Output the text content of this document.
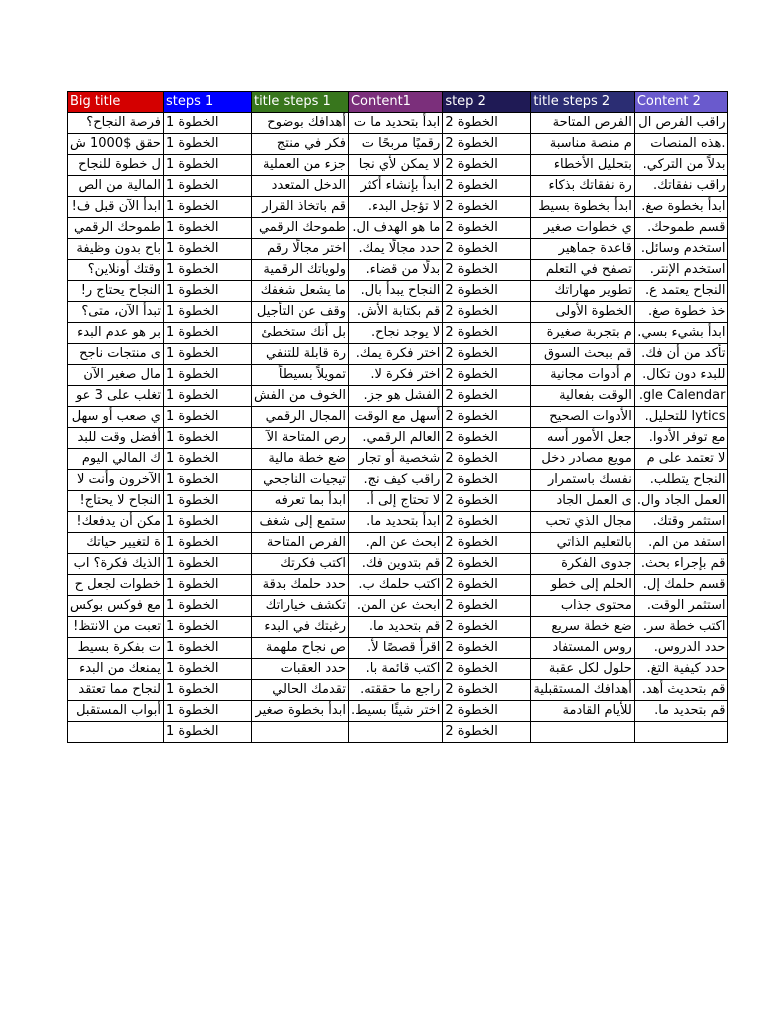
Big title	steps 1	title steps 1	Content1	step 2	title steps 2	Content 2
فرصة النجاح؟	الخطوة 1	أهدافك بوضوح	ابدأ بتحديد ما ت	الخطوة 2	الفرص المتاحة	راقب الفرص ال
حقق $1000 ش	الخطوة 1	فكر في منتج	رقميًا مربحًا ت	الخطوة 2	م منصة مناسبة	.هذه المنصات
ل خطوة للنجاح	الخطوة 1	جزء من العملية	لا يمكن لأي نجا	الخطوة 2	بتحليل الأخطاء	بدلاً من التركي.
المالية من الص	الخطوة 1	الدخل المتعدد	ابدأ بإنشاء أكثر	الخطوة 2	رة نفقاتك بذكاء	راقب نفقاتك.
ابدأ الآن قبل ف!	الخطوة 1	قم باتخاذ القرار	لا تؤجل البدء.	الخطوة 2	ابدأ بخطوة بسيط	ابدأ بخطوة صغ.
طموحك الرقمي	الخطوة 1	طموحك الرقمي	ما هو الهدف ال.	الخطوة 2	ي خطوات صغير	قسم طموحك.
باح بدون وظيفة	الخطوة 1	اختر مجالًا رقم	حدد مجالًا يمك.	الخطوة 2	قاعدة جماهير	استخدم وسائل.
وقتك أونلاين؟	الخطوة 1	ولوياتك الرقمية	بدلًا من قضاء.	الخطوة 2	تصفح في التعلم	استخدم الإنتر.
النجاح يحتاج ر!	الخطوة 1	ما يشعل شغفك	النجاح يبدأ بال.	الخطوة 2	تطوير مهاراتك	النجاح يعتمد ع.
تبدأ الآن، متى؟	الخطوة 1	وقف عن التأجيل	قم بكتابة الأش.	الخطوة 2	الخطوة الأولى	خذ خطوة صغ.
بر هو عدم البدء	الخطوة 1	بل أنك ستخطئ	لا يوجد نجاح.	الخطوة 2	م بتجربة صغيرة	ابدأ بشيء بسي.
ى منتجات ناجح	الخطوة 1	رة قابلة للتنفي	اختر فكرة يمك.	الخطوة 2	قم ببحث السوق	تأكد من أن فك.
مال صغير الآن	الخطوة 1	تمويلاً بسيطاً	اختر فكرة لا.	الخطوة 2	م أدوات مجانية	للبدء دون تكال.
تغلب على 3 عو	الخطوة 1	الخوف من الفش	الفشل هو جز.	الخطوة 2	الوقت بفعالية	gle Calendar.
ي صعب أو سهل	الخطوة 1	المجال الرقمي	أسهل مع الوقت	الخطوة 2	الأدوات الصحيح	lytics للتحليل.
أفضل وقت للبد	الخطوة 1	رص المتاحة الآ	العالم الرقمي.	الخطوة 2	جعل الأمور أسه	مع توفر الأدوا.
ك المالي اليوم	الخطوة 1	ضع خطة مالية	شخصية أو تجار	الخطوة 2	مويع مصادر دخل	لا تعتمد على م
الآخرون وأنت لا	الخطوة 1	تيجيات الناجحي	راقب كيف نج.	الخطوة 2	نفسك باستمرار	النجاح يتطلب.
النجاح لا يحتاج!	الخطوة 1	ابدأ بما تعرفه	لا تحتاج إلى أ.	الخطوة 2	ى العمل الجاد	العمل الجاد وال.
مكن أن يدفعك!	الخطوة 1	ستمع إلى شغف	ابدأ بتحديد ما.	الخطوة 2	مجال الذي تحب	استثمر وقتك.
ة لتغيير حياتك	الخطوة 1	الفرص المتاحة	ابحث عن الم.	الخطوة 2	بالتعليم الذاتي	استفد من الم.
الذيك فكرة؟ اب	الخطوة 1	اكتب فكرتك	قم بتدوين فك.	الخطوة 2	جدوى الفكرة	قم بإجراء بحث.
خطوات لجعل ح	الخطوة 1	حدد حلمك بدقة	اكتب حلمك ب.	الخطوة 2	الحلم إلى خطو	قسم حلمك إل.
مع فوكس بوكس	الخطوة 1	تكشف خياراتك	ابحث عن المن.	الخطوة 2	محتوى جذاب	استثمر الوقت.
تعبت من الانتظ!	الخطوة 1	رغبتك في البدء	قم بتحديد ما.	الخطوة 2	ضع خطة سريع	اكتب خطة سر.
ت بفكرة بسيط	الخطوة 1	ص نجاح ملهمة	اقرأ قصصًا لأ.	الخطوة 2	روس المستفاد	حدد الدروس.
يمنعك من البدء	الخطوة 1	حدد العقبات	اكتب قائمة با.	الخطوة 2	حلول لكل عقبة	حدد كيفية التغ.
لنجاح مما تعتقد	الخطوة 1	تقدمك الحالي	راجع ما حققته.	الخطوة 2	أهدافك المستقبلية	قم بتحديث أهد.
أبواب المستقبل	الخطوة 1	ابدأ بخطوة صغير	اختر شيئًا بسيط.	الخطوة 2	للأيام القادمة	قم بتحديد ما.
	الخطوة 1			الخطوة 2		
